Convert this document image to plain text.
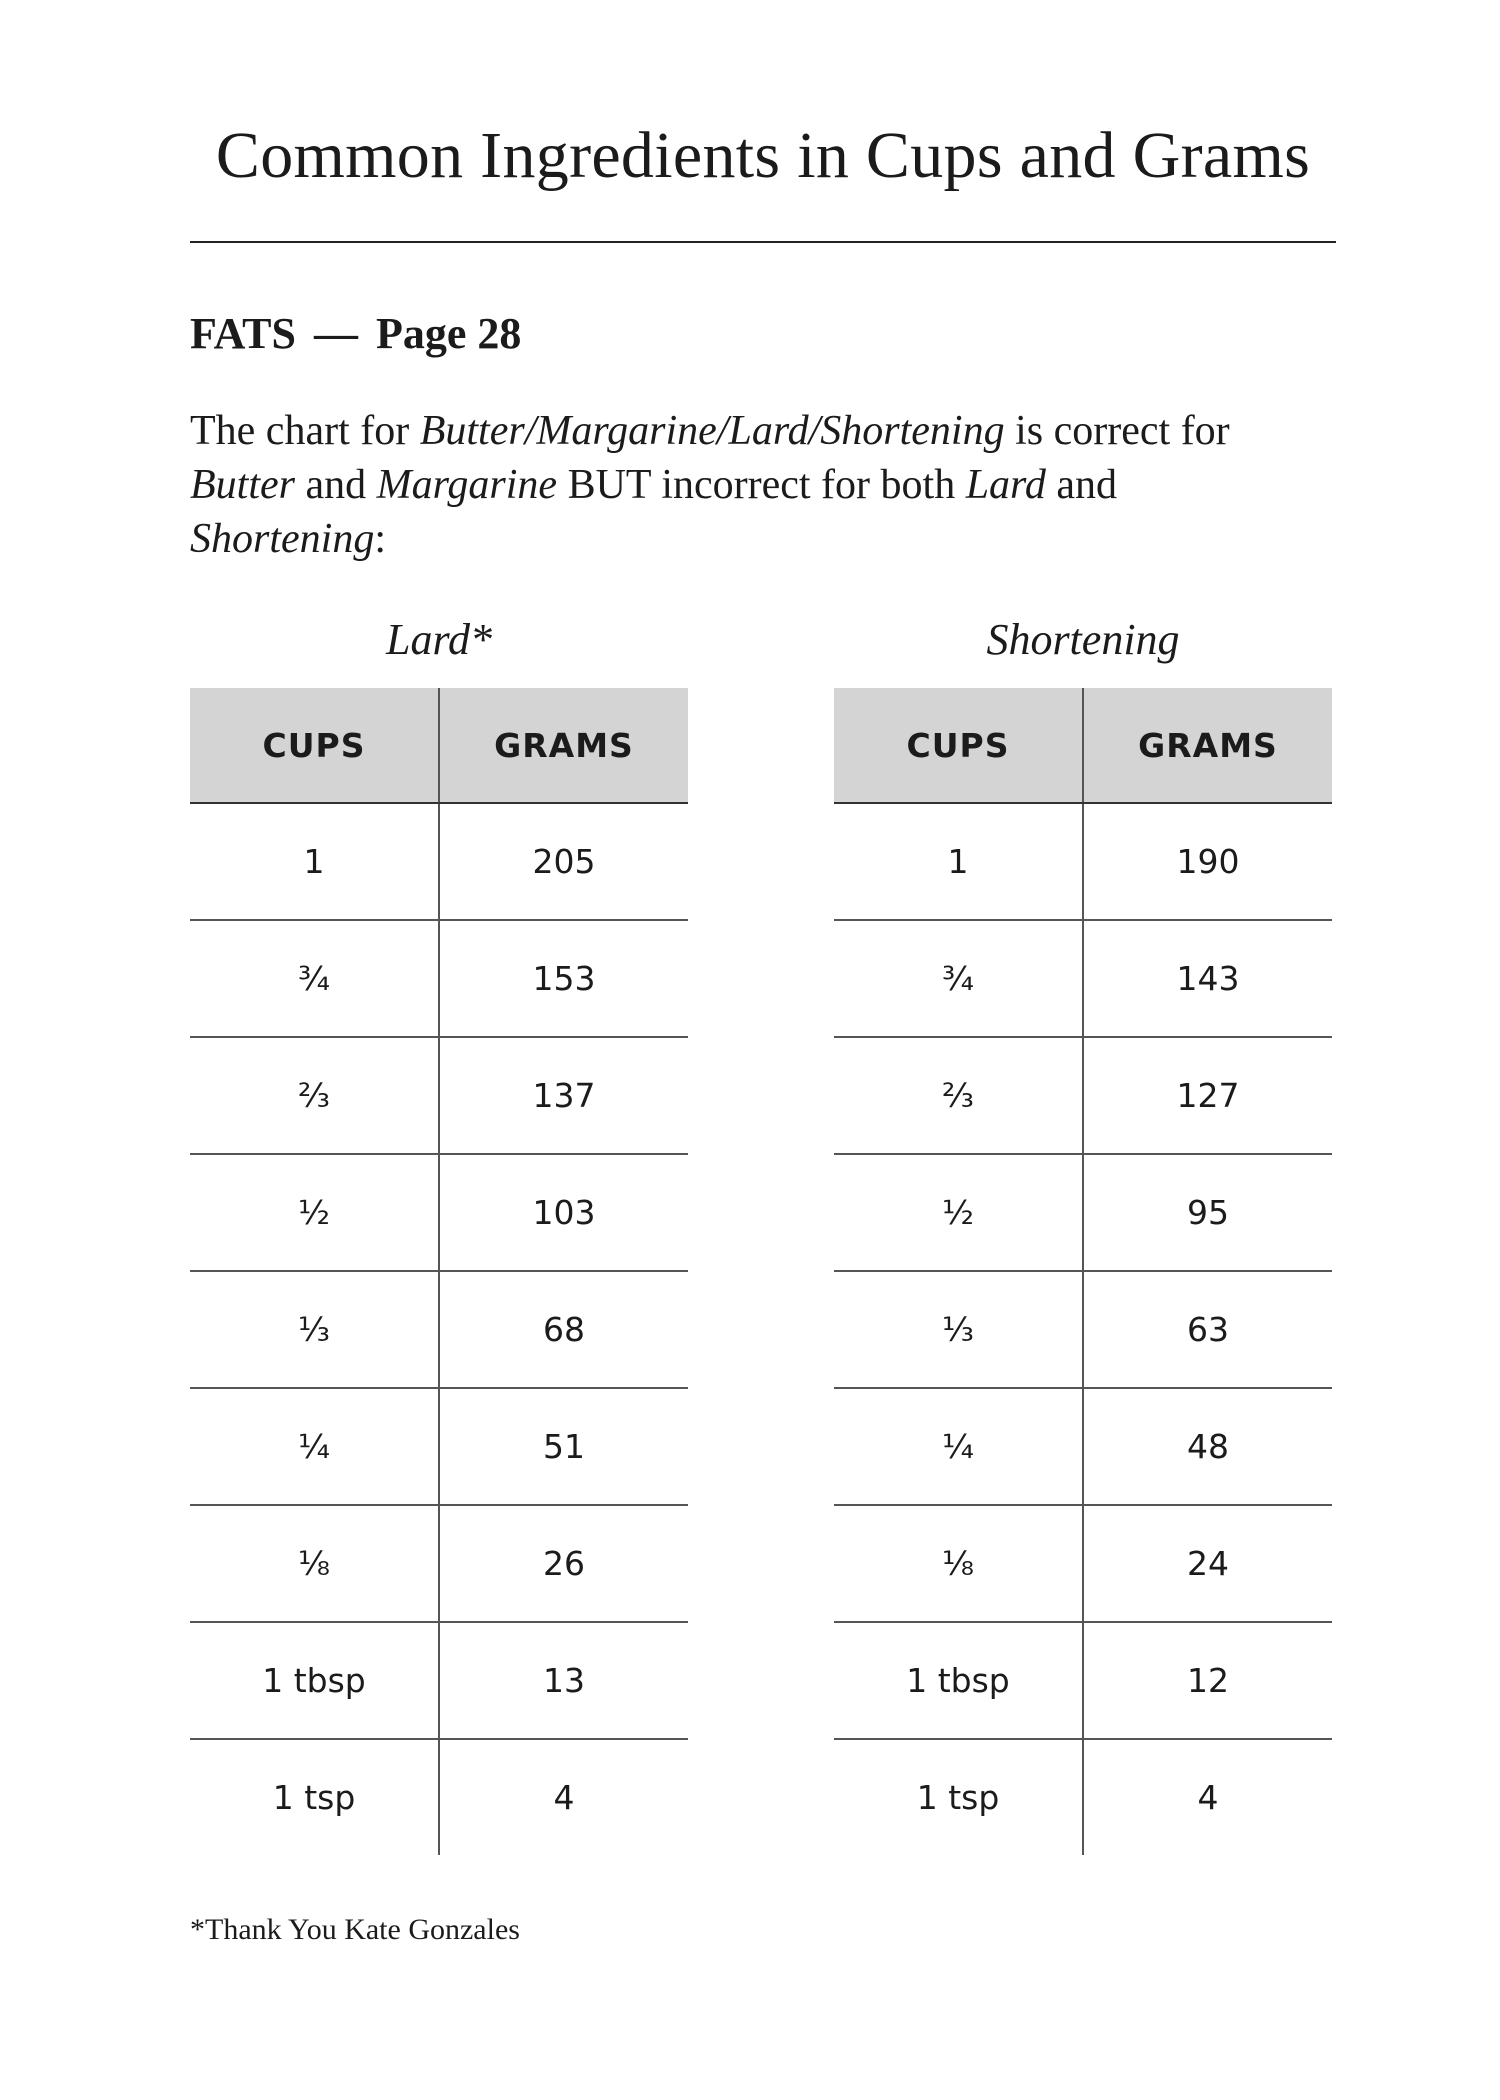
Common Ingredients in Cups and Grams
FATS — Page 28

The chart for Butter/Margarine/Lard/Shortening is correct for Butter and Margarine BUT incorrect for both Lard and Shortening:

Lard*

CUPS	GRAMS
1	205
¾	153
⅔	137
½	103
⅓	68
¼	51
⅛	26
1 tbsp	13
1 tsp	4

Shortening

CUPS	GRAMS
1	190
¾	143
⅔	127
½	95
⅓	63
¼	48
⅛	24
1 tbsp	12
1 tsp	4

*Thank You Kate Gonzales
